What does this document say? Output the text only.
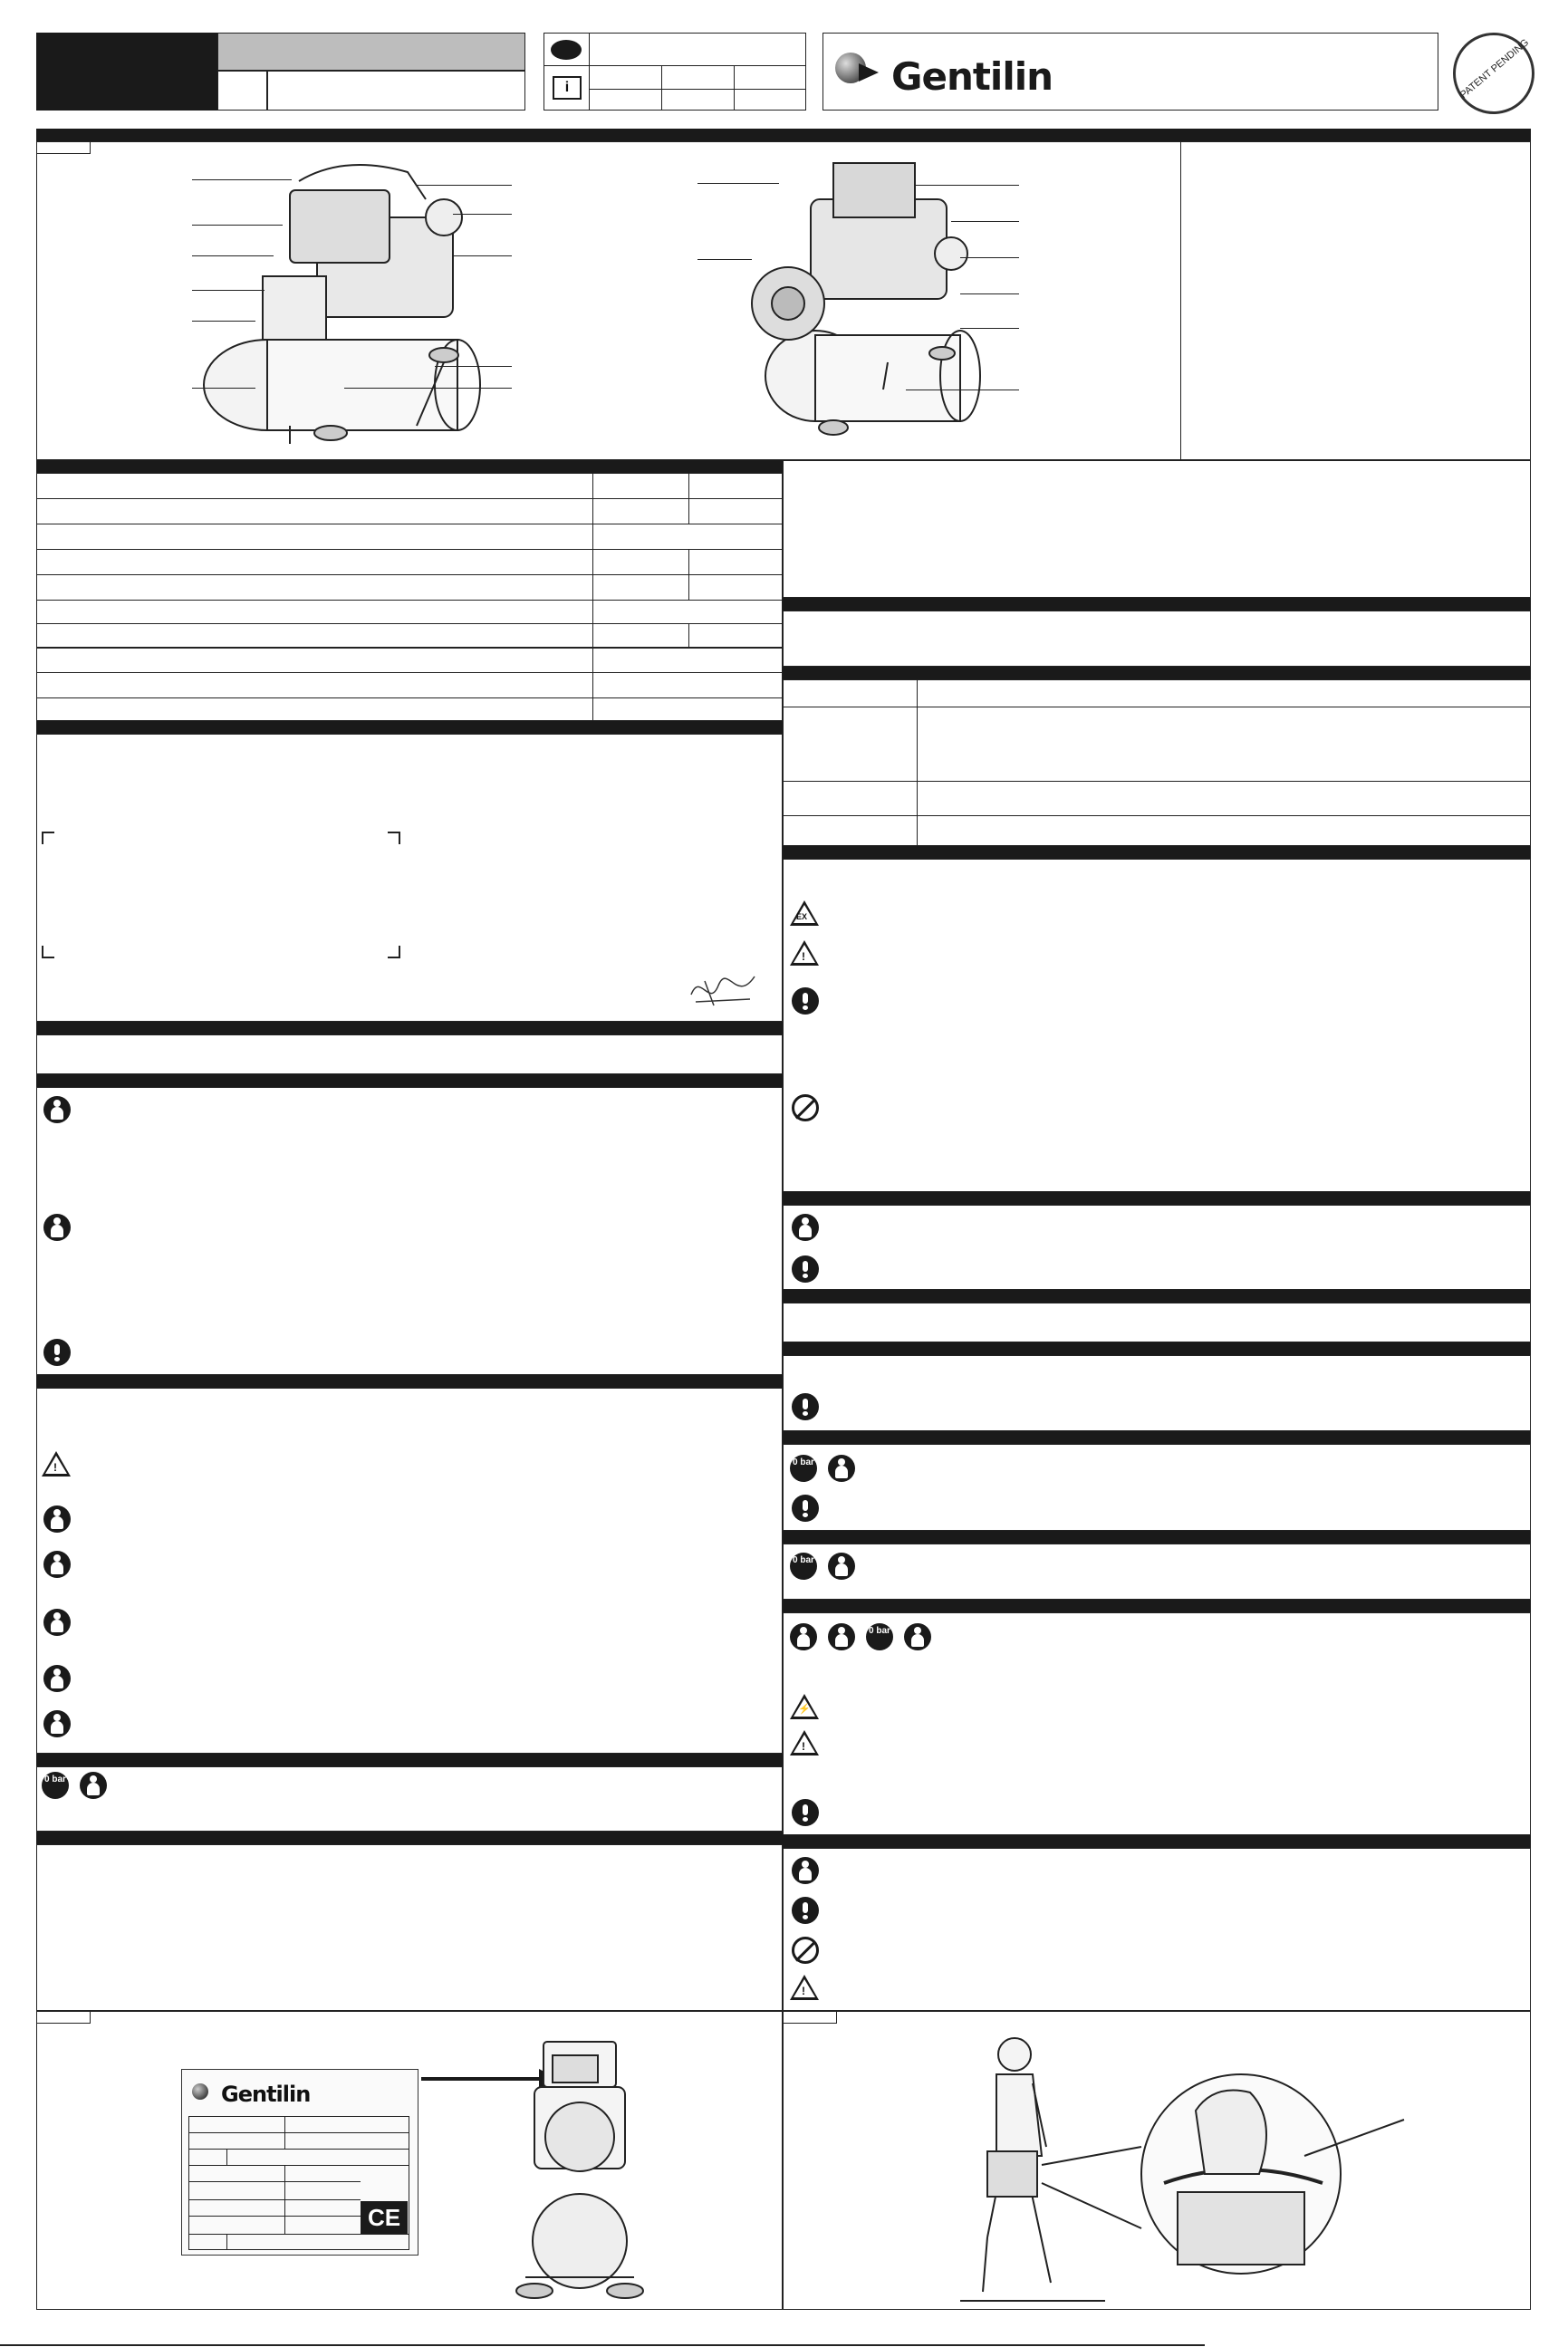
i	Gentilin	PATENT PENDING
!
0 bar
Gentilin
CE
EX
!
0 bar
0 bar
0 bar
⚡
!
!
